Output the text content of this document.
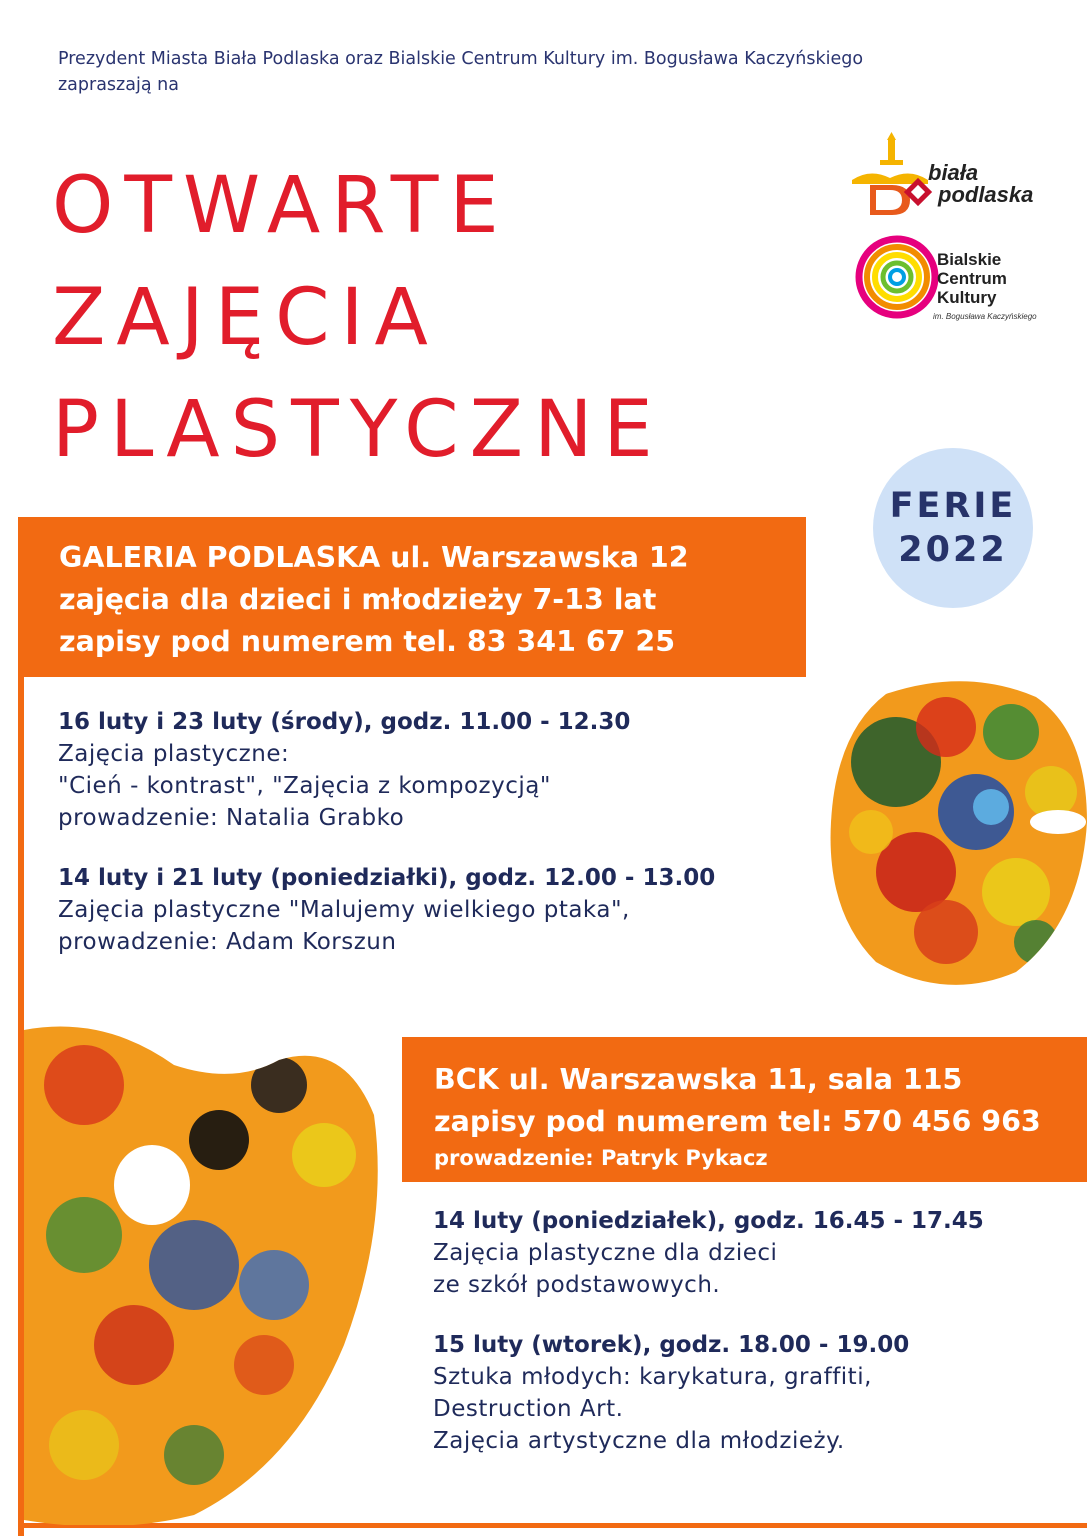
Prezydent Miasta Biała Podlaska oraz Bialskie Centrum Kultury im. Bogusława Kaczyńskiego
zapraszają na
OTWARTE
ZAJĘCIA
PLASTYCZNE
biała
podlaska
Bialskie
Centrum
Kultury
im. Bogusława Kaczyńskiego
FERIE
2022
GALERIA PODLASKA ul. Warszawska 12
zajęcia dla dzieci i młodzieży 7-13 lat
zapisy pod numerem tel. 83 341 67 25
16 luty i 23 luty (środy), godz. 11.00 - 12.30
Zajęcia plastyczne:
"Cień - kontrast", "Zajęcia z kompozycją"
prowadzenie: Natalia Grabko
14 luty i 21 luty (poniedziałki), godz. 12.00 - 13.00
Zajęcia plastyczne "Malujemy wielkiego ptaka",
prowadzenie: Adam Korszun
BCK ul. Warszawska 11, sala 115
zapisy pod numerem tel: 570 456 963
prowadzenie: Patryk Pykacz
14 luty (poniedziałek), godz. 16.45 - 17.45
Zajęcia plastyczne dla dzieci
ze szkół podstawowych.
15 luty (wtorek), godz. 18.00 - 19.00
Sztuka młodych: karykatura, graffiti,
Destruction Art.
Zajęcia artystyczne dla młodzieży.
